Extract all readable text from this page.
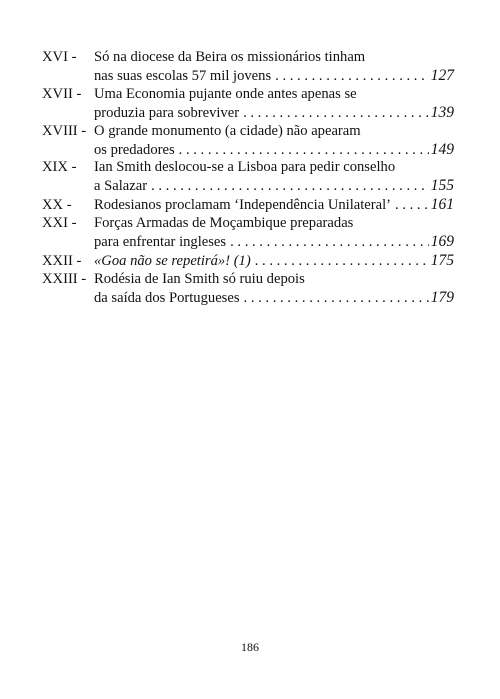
XVI -	Só na diocese da Beira os missionários tinham
nas suas escolas 57 mil jovens . . .	127
XVII - Uma Economia pujante onde antes apenas se
produzia para sobreviver . . .	139
XVIII - O grande monumento (a cidade) não apearam
os predadores . . .	149
XIX -	Ian Smith deslocou-se a Lisboa para pedir conselho
a Salazar . . .	155
XX -	Rodesianos proclamam ‘Independência Unilateral’ . . .	161
XXI -	Forças Armadas de Moçambique preparadas
para enfrentar ingleses . . .	169
XXII - «Goa não se repetirá»! (1) . . .	175
XXIII - Rodésia de Ian Smith só ruiu depois
da saída dos Portugueses . . .	179
186
